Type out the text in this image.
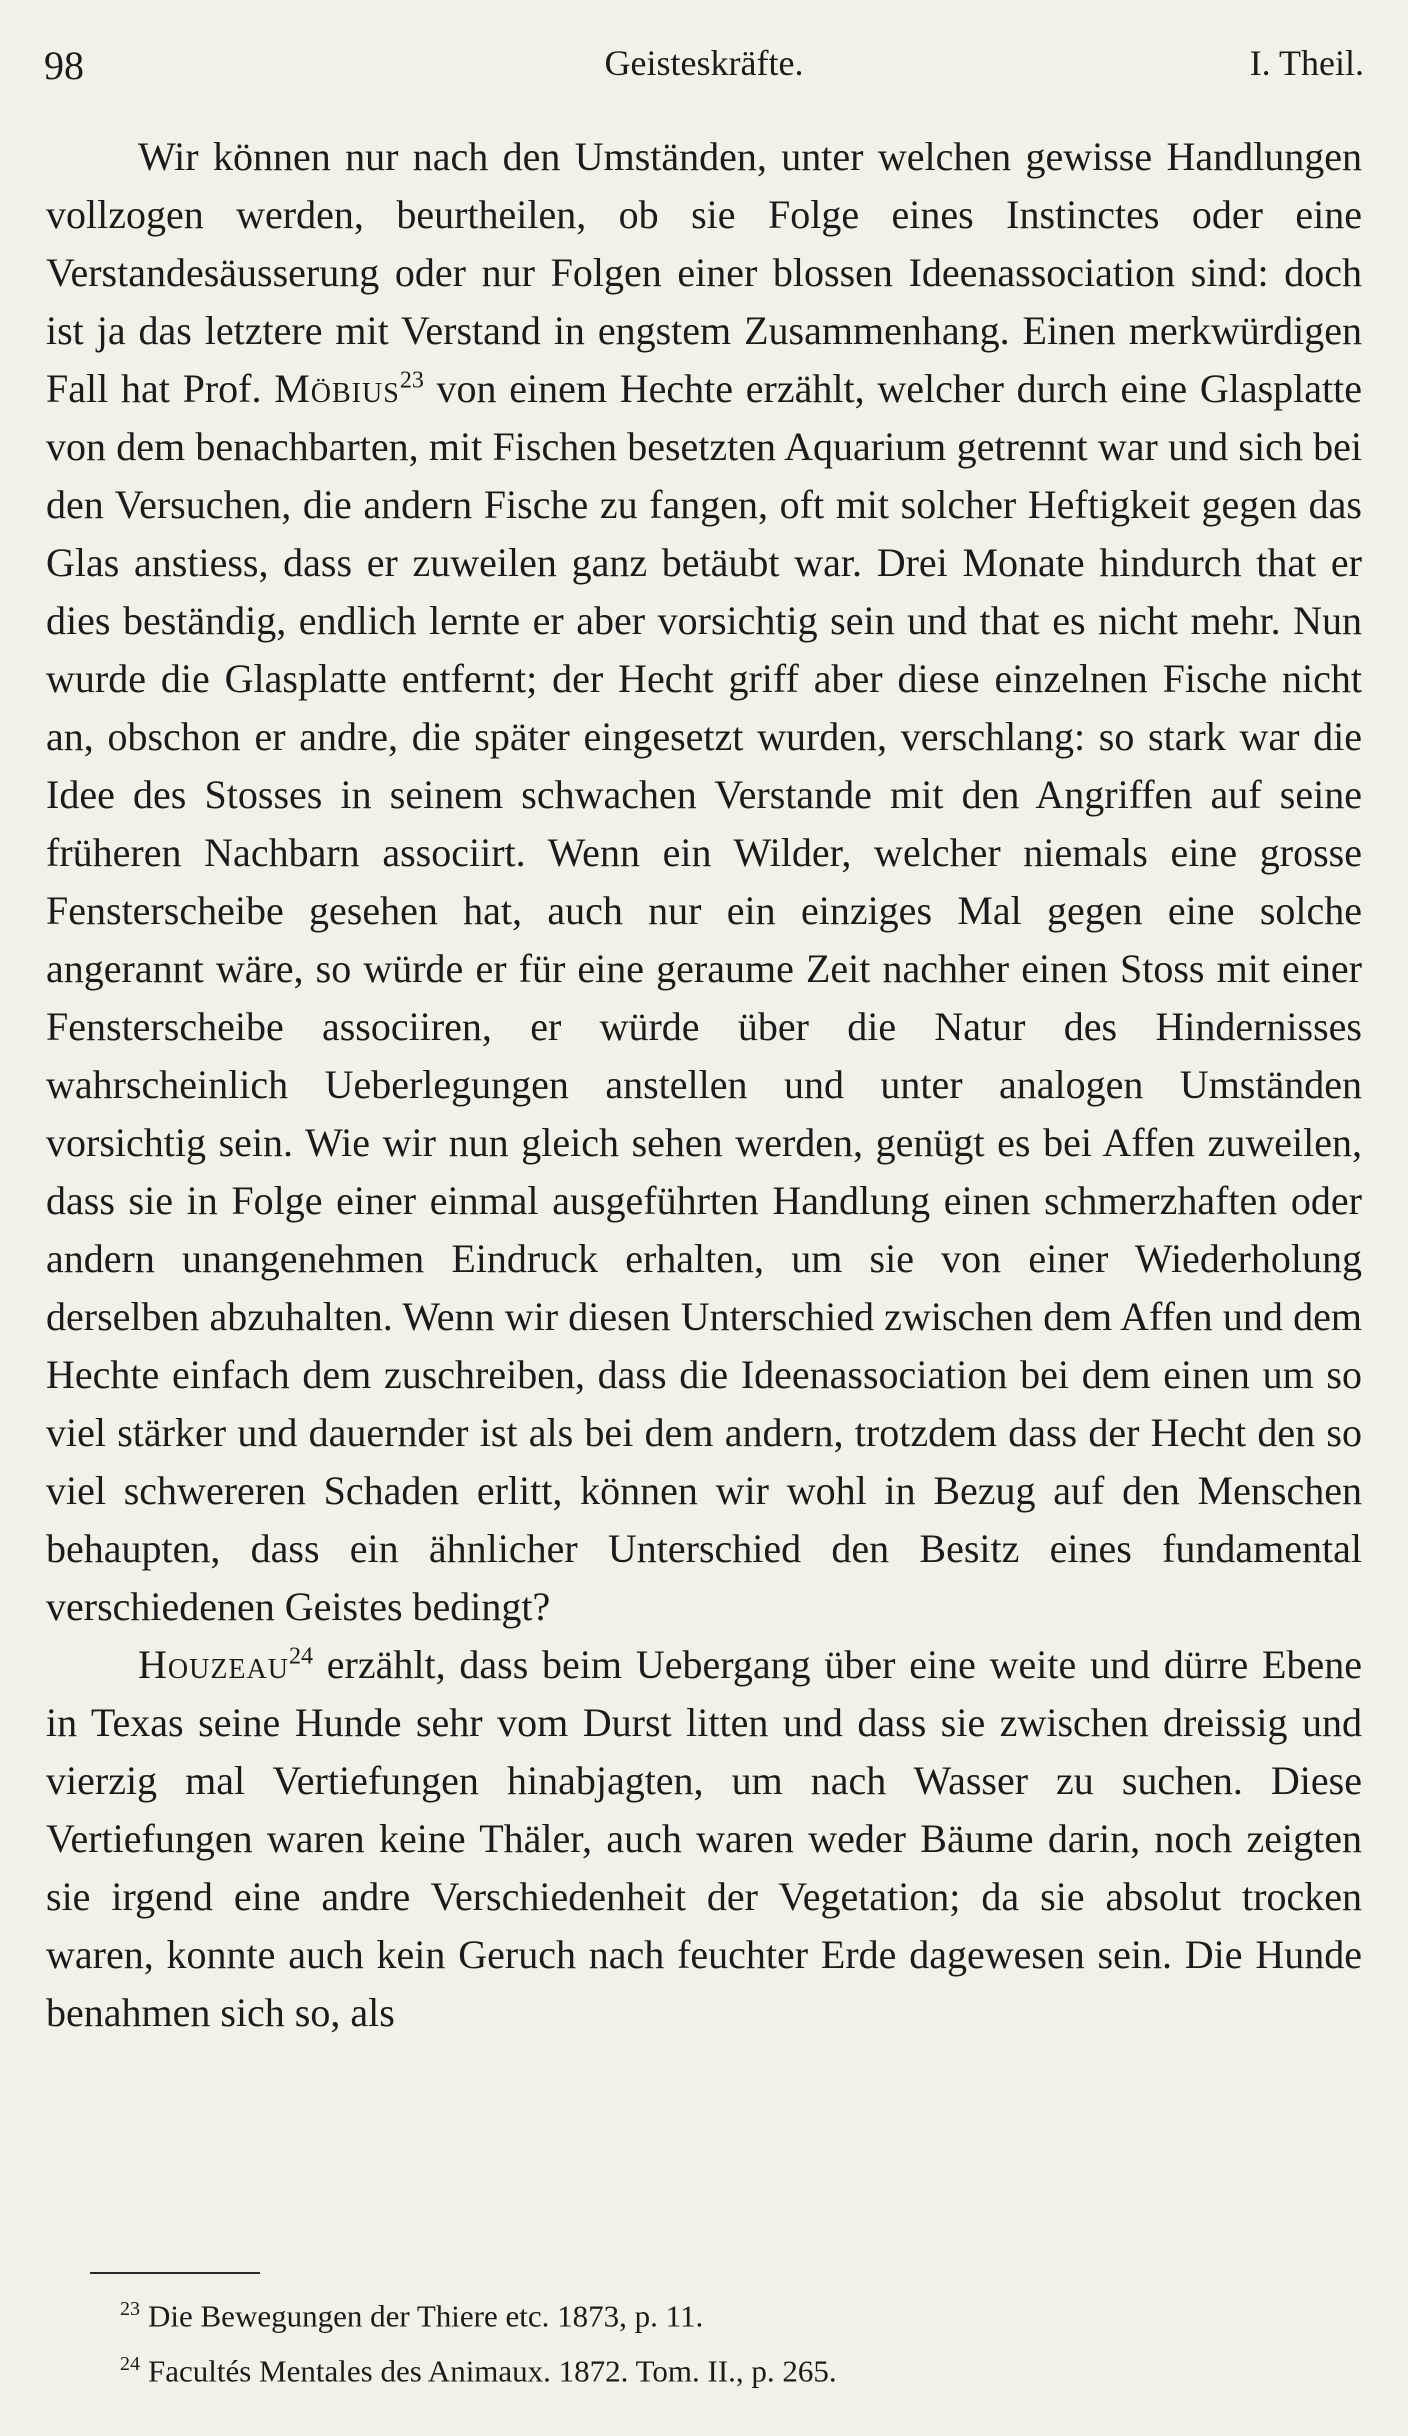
98	Geisteskräfte.	I. Theil.

Wir können nur nach den Umständen, unter welchen gewisse Handlungen vollzogen werden, beurtheilen, ob sie Folge eines Instinctes oder eine Verstandesäusserung oder nur Folgen einer blossen Ideenassociation sind: doch ist ja das letztere mit Verstand in engstem Zusammenhang. Einen merkwürdigen Fall hat Prof. Möbius$^{23}$ von einem Hechte erzählt, welcher durch eine Glasplatte von dem benachbarten, mit Fischen besetzten Aquarium getrennt war und sich bei den Versuchen, die andern Fische zu fangen, oft mit solcher Heftigkeit gegen das Glas anstiess, dass er zuweilen ganz betäubt war. Drei Monate hindurch that er dies beständig, endlich lernte er aber vorsichtig sein und that es nicht mehr. Nun wurde die Glasplatte entfernt; der Hecht griff aber diese einzelnen Fische nicht an, obschon er andre, die später eingesetzt wurden, verschlang: so stark war die Idee des Stosses in seinem schwachen Verstande mit den Angriffen auf seine früheren Nachbarn associirt. Wenn ein Wilder, welcher niemals eine grosse Fensterscheibe gesehen hat, auch nur ein einziges Mal gegen eine solche angerannt wäre, so würde er für eine geraume Zeit nachher einen Stoss mit einer Fensterscheibe associiren, er würde über die Natur des Hindernisses wahrscheinlich Ueberlegungen anstellen und unter analogen Umständen vorsichtig sein. Wie wir nun gleich sehen werden, genügt es bei Affen zuweilen, dass sie in Folge einer einmal ausgeführten Handlung einen schmerzhaften oder andern unangenehmen Eindruck erhalten, um sie von einer Wiederholung derselben abzuhalten. Wenn wir diesen Unterschied zwischen dem Affen und dem Hechte einfach dem zuschreiben, dass die Ideenassociation bei dem einen um so viel stärker und dauernder ist als bei dem andern, trotzdem dass der Hecht den so viel schwereren Schaden erlitt, können wir wohl in Bezug auf den Menschen behaupten, dass ein ähnlicher Unterschied den Besitz eines fundamental verschiedenen Geistes bedingt?

Houzeau$^{24}$ erzählt, dass beim Uebergang über eine weite und dürre Ebene in Texas seine Hunde sehr vom Durst litten und dass sie zwischen dreissig und vierzig mal Vertiefungen hinabjagten, um nach Wasser zu suchen. Diese Vertiefungen waren keine Thäler, auch waren weder Bäume darin, noch zeigten sie irgend eine andre Verschiedenheit der Vegetation; da sie absolut trocken waren, konnte auch kein Geruch nach feuchter Erde dagewesen sein. Die Hunde benahmen sich so, als

$^{23}$ Die Bewegungen der Thiere etc. 1873, p. 11.

$^{24}$ Facultés Mentales des Animaux. 1872. Tom. II., p. 265.
